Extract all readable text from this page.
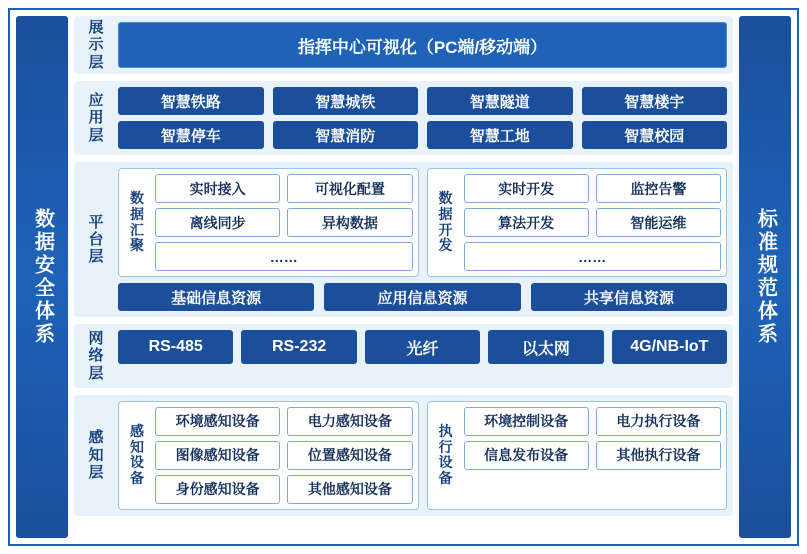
数据安全体系
展示层
指挥中心可视化（PC端/移动端）
应用层
智慧铁路	智慧城铁	智慧隧道	智慧楼宇
智慧停车	智慧消防	智慧工地	智慧校园
平台层
数据汇聚
实时接入	可视化配置
离线同步	异构数据
……
数据开发
实时开发	监控告警
算法开发	智能运维
……
基础信息资源	应用信息资源	共享信息资源
网络层
RS-485	RS-232	光纤	以太网	4G/NB-IoT
感知层
感知设备
环境感知设备	电力感知设备
图像感知设备	位置感知设备
身份感知设备	其他感知设备
执行设备
环境控制设备	电力执行设备
信息发布设备	其他执行设备
标准规范体系
